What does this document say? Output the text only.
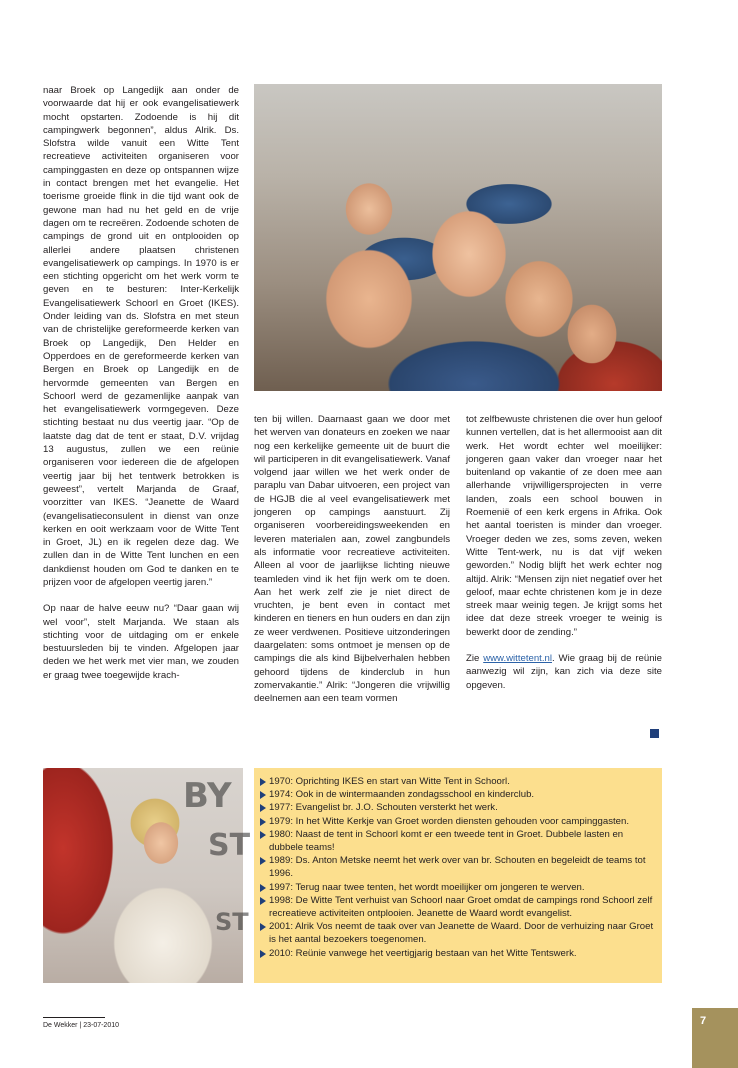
naar Broek op Langedijk aan onder de voorwaarde dat hij er ook evangelisatiewerk mocht opstarten. Zodoende is hij dit campingwerk begonnen”, aldus Alrik. Ds. Slofstra wilde vanuit een Witte Tent recreatieve activiteiten organiseren voor campinggasten en deze op ontspannen wijze in contact brengen met het evangelie. Het toerisme groeide flink in die tijd want ook de gewone man had nu het geld en de vrije dagen om te recreëren. Zodoende schoten de campings de grond uit en ontplooiden op allerlei andere plaatsen christenen evangelisatiewerk op campings. In 1970 is er een stichting opgericht om het werk vorm te geven en te besturen: Inter-Kerkelijk Evangelisatiewerk Schoorl en Groet (IKES). Onder leiding van ds. Slofstra en met steun van de christelijke gereformeerde kerken van Broek op Langedijk, Den Helder en Opperdoes en de gereformeerde kerken van Bergen en Broek op Langedijk en de hervormde gemeenten van Bergen en Schoorl werd de gezamenlijke aanpak van het evangelisatiewerk vormgegeven. Deze stichting bestaat nu dus veertig jaar. “Op de laatste dag dat de tent er staat, D.V. vrijdag 13 augustus, zullen we een reünie organiseren voor iedereen die de afgelopen veertig jaar bij het tentwerk betrokken is geweest”, vertelt Marjanda de Graaf, voorzitter van IKES. “Jeanette de Waard (evangelisatieconsulent in dienst van onze kerken en ooit werkzaam voor de Witte Tent in Groet, JL) en ik regelen deze dag. We zullen dan in de Witte Tent lunchen en een dankdienst houden om God te danken en te prijzen voor de afgelopen veertig jaren.”

Op naar de halve eeuw nu? “Daar gaan wij wel voor”, stelt Marjanda. We staan als stichting voor de uitdaging om er enkele bestuursleden bij te vinden. Afgelopen jaar deden we het werk met vier man, we zouden er graag twee toegewijde krach-

ten bij willen. Daarnaast gaan we door met het werven van donateurs en zoeken we naar nog een kerkelijke gemeente uit de buurt die wil participeren in dit evangelisatiewerk. Vanaf volgend jaar willen we het werk onder de paraplu van Dabar uitvoeren, een project van de HGJB die al veel evangelisatiewerk met jongeren op campings aanstuurt. Zij organiseren voorbereidingsweekenden en leveren materialen aan, zowel zangbundels als informatie voor recreatieve activiteiten. Alleen al voor de jaarlijkse lichting nieuwe teamleden vind ik het fijn werk om te doen. Aan het werk zelf zie je niet direct de vruchten, je bent even in contact met kinderen en tieners en hun ouders en dan zijn ze weer verdwenen. Positieve uitzonderingen daargelaten: soms ontmoet je mensen op de campings die als kind Bijbelverhalen hebben gehoord tijdens de kinderclub in hun zomervakantie.” Alrik: “Jongeren die vrijwillig deelnemen aan een team vormen

tot zelfbewuste christenen die over hun geloof kunnen vertellen, dat is het allermooist aan dit werk. Het wordt echter wel moeilijker: jongeren gaan vaker dan vroeger naar het buitenland op vakantie of ze doen mee aan allerhande vrijwilligersprojecten in verre landen, zoals een school bouwen in Roemenië of een kerk ergens in Afrika. Ook het aantal toeristen is minder dan vroeger. Vroeger deden we zes, soms zeven, weken Witte Tent-werk, nu is dat vijf weken geworden.” Nodig blijft het werk echter nog altijd. Alrik: “Mensen zijn niet negatief over het geloof, maar echte christenen kom je in deze streek maar weinig tegen. Je krijgt soms het idee dat deze streek vroeger te weinig is bewerkt door de zending.”

Zie www.wittetent.nl. Wie graag bij de reünie aanwezig wil zijn, kan zich via deze site opgeven.

BY
ST
ST
1970: Oprichting IKES en start van Witte Tent in Schoorl.
1974: Ook in de wintermaanden zondagsschool en kinderclub.
1977: Evangelist br. J.O. Schouten versterkt het werk.
1979: In het Witte Kerkje van Groet worden diensten gehouden voor campinggasten.
1980: Naast de tent in Schoorl komt er een tweede tent in Groet. Dubbele lasten en dubbele teams!
1989: Ds. Anton Metske neemt het werk over van br. Schouten en begeleidt de teams tot 1996.
1997: Terug naar twee tenten, het wordt moeilijker om jongeren te werven.
1998: De Witte Tent verhuist van Schoorl naar Groet omdat de campings rond Schoorl zelf recreatieve activiteiten ontplooien. Jeanette de Waard wordt evangelist.
2001: Alrik Vos neemt de taak over van Jeanette de Waard. Door de verhuizing naar Groet is het aantal bezoekers toegenomen.
2010: Reünie vanwege het veertigjarig bestaan van het Witte Tentswerk.
De Wekker | 23-07-2010	7
